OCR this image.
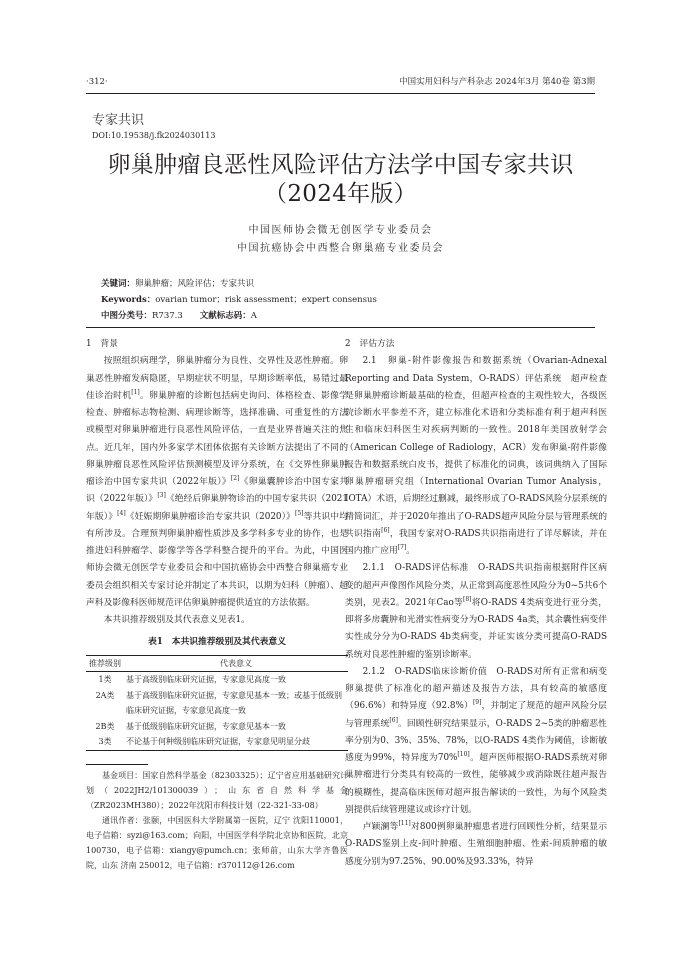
·312·	中国实用妇科与产科杂志 2024年3月 第40卷 第3期
专家共识
DOI:10.19538/j.fk2024030113
卵巢肿瘤良恶性风险评估方法学中国专家共识
（2024年版）
中国医师协会微无创医学专业委员会
中国抗癌协会中西整合卵巢癌专业委员会
关键词：卵巢肿瘤；风险评估；专家共识
Keywords：ovarian tumor；risk assessment；expert consensus
中图分类号：R737.3　　 文献标志码：A

1　背景

按照组织病理学，卵巢肿瘤分为良性、交界性及恶性肿瘤。卵巢恶性肿瘤发病隐匿，早期症状不明显，早期诊断率低，易错过最佳诊治时机[1]。卵巢肿瘤的诊断包括病史询问、体格检查、影像学检查、肿瘤标志物检测、病理诊断等，选择准确、可重复性的方法或模型对卵巢肿瘤进行良恶性风险评估，一直是业界普遍关注的焦点。近几年，国内外多家学术团体依据有关诊断方法提出了不同的卵巢肿瘤良恶性风险评估预测模型及评分系统，在《交界性卵巢肿瘤诊治中国专家共识（2022年版）》[2]《卵巢囊肿诊治中国专家共识（2022年版）》[3]《绝经后卵巢肿物诊治的中国专家共识（2021年版）》[4]《妊娠期卵巢肿瘤诊治专家共识（2020）》[5]等共识中均有所涉及。合理预判卵巢肿瘤性质涉及多学科多专业的协作，也是推进妇科肿瘤学、影像学等各学科整合提升的平台。为此，中国医师协会微无创医学专业委员会和中国抗癌协会中西整合卵巢癌专业委员会组织相关专家讨论并制定了本共识，以期为妇科（肿瘤）、超声科及影像科医师规范评估卵巢肿瘤提供适宜的方法依据。

本共识推荐级别及其代表意义见表1。

表1　本共识推荐级别及其代表意义
推荐级别	代表意义
1类	基于高级别临床研究证据，专家意见高度一致
2A类	基于高级别临床研究证据，专家意见基本一致；或基于低级别临床研究证据，专家意见高度一致
2B类	基于低级别临床研究证据，专家意见基本一致
3类	不论基于何种级别临床研究证据，专家意见明显分歧

基金项目：国家自然科学基金（82303325）；辽宁省应用基础研究计划（2022JH2/101300039）；山东省自然科学基金（ZR2023MH380）；2022年沈阳市科技计划（22-321-33-08）

通讯作者：张颐，中国医科大学附属第一医院，辽宁 沈阳110001，电子信箱：syzi@163.com；向阳，中国医学科学院北京协和医院，北京 100730，电子信箱：xiangy@pumch.cn；张师前，山东大学齐鲁医院，山东 济南 250012，电子信箱：r370112@126.com

2　评估方法

2.1　卵巢-附件影像报告和数据系统（Ovarian-Adnexal Reporting and Data System，O-RADS）评估系统　超声检查是卵巢肿瘤诊断最基础的检查，但超声检查的主观性较大，各级医院诊断水平参差不齐，建立标准化术语和分类标准有利于超声科医生和临床妇科医生对疾病判断的一致性。2018年美国放射学会（American College of Radiology，ACR）发布卵巢-附件影像报告和数据系统白皮书，提供了标准化的词典，该词典纳入了国际卵巢肿瘤研究组（International Ovarian Tumor Analysis，IOTA）术语，后期经过删减，最终形成了O-RADS风险分层系统的精简词汇，并于2020年推出了O-RADS超声风险分层与管理系统的共识指南[6]，我国专家对O-RADS共识指南进行了详尽解读，并在国内推广应用[7]。

2.1.1　O-RADS评估标准　O-RADS共识指南根据附件区病变的超声声像图作风险分类，从正常到高度恶性风险分为0~5共6个类别，见表2。2021年Cao等[8]将O-RADS 4类病变进行亚分类，即将多房囊肿和光滑实性病变分为O-RADS 4a类，其余囊性病变伴实性成分分为O-RADS 4b类病变，并证实该分类可提高O-RADS系统对良恶性肿瘤的鉴别诊断率。

2.1.2　O-RADS临床诊断价值　O-RADS对所有正常和病变卵巢提供了标准化的超声描述及报告方法，具有较高的敏感度（96.6%）和特异度（92.8%）[9]，并制定了规范的超声风险分层与管理系统[6]。回顾性研究结果显示，O-RADS 2~5类的肿瘤恶性率分别为0、3%、35%、78%，以O-RADS 4类作为阈值，诊断敏感度为99%，特异度为70%[10]。超声医师根据O-RADS系统对卵巢肿瘤进行分类具有较高的一致性，能够减少或消除既往超声报告的模糊性，提高临床医师对超声报告解读的一致性，为每个风险类别提供后续管理建议或诊疗计划。

卢颖澜等[11]对800例卵巢肿瘤患者进行回顾性分析，结果显示O-RADS鉴别上皮-间叶肿瘤、生殖细胞肿瘤、性索-间质肿瘤的敏感度分别为97.25%、90.00%及93.33%，特异
